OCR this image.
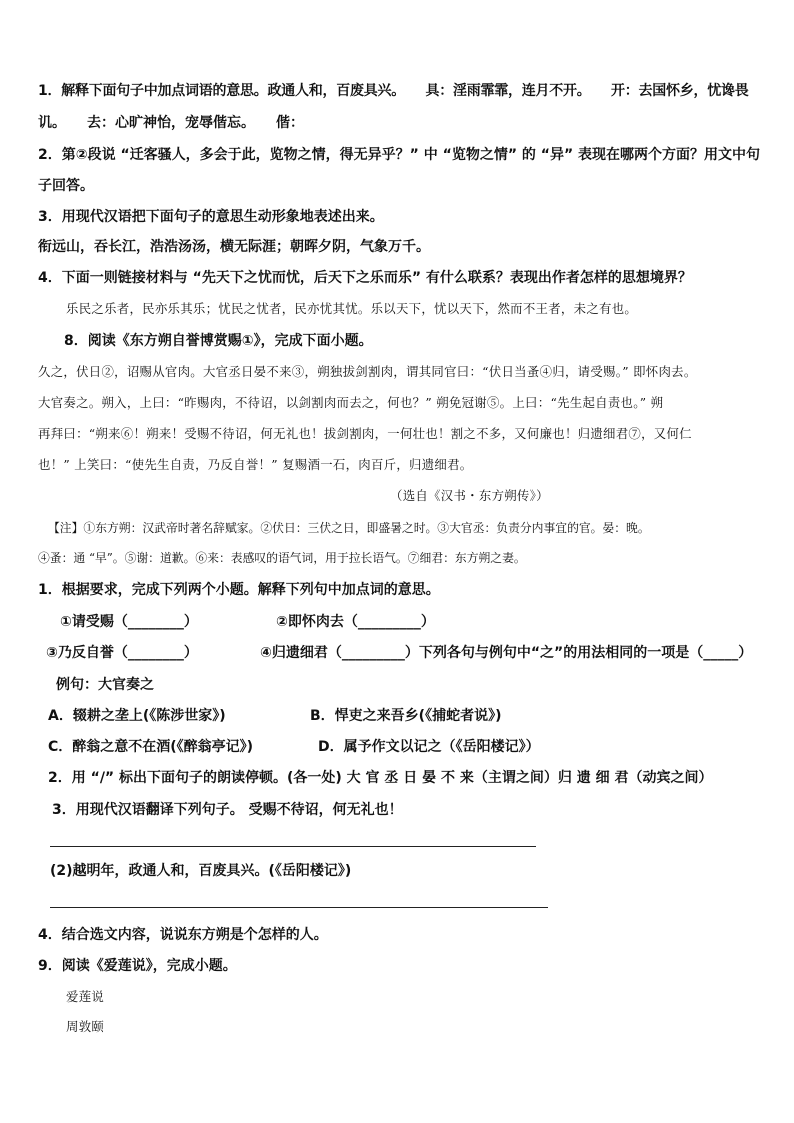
1．解释下面句子中加点词语的意思。政通人和，百废具兴。　　具：淫雨霏霏，连月不开。　　开：去国怀乡，忧谗畏
讥。　　去：心旷神怡，宠辱偕忘。　　偕：
2．第②段说 “迁客骚人，多会于此，览物之情，得无异乎？” 中 “览物之情” 的 “异” 表现在哪两个方面？用文中句
子回答。
3．用现代汉语把下面句子的意思生动形象地表述出来。
衔远山，吞长江，浩浩汤汤，横无际涯；朝晖夕阴，气象万千。
4．下面一则链接材料与 “先天下之忧而忧，后天下之乐而乐” 有什么联系？表现出作者怎样的思想境界？
乐民之乐者，民亦乐其乐；忧民之忧者，民亦忧其忧。乐以天下，忧以天下，然而不王者，未之有也。
8．阅读《东方朔自誉博赏赐①》，完成下面小题。
久之，伏日②，诏赐从官肉。大官丞日晏不来③，朔独拔剑割肉，谓其同官曰：“伏日当蚤④归，请受赐。” 即怀肉去。
大官奏之。朔入，上曰：“昨赐肉，不待诏，以剑割肉而去之，何也？” 朔免冠谢⑤。上曰：“先生起自责也。” 朔
再拜曰：“朔来⑥！朔来！受赐不待诏，何无礼也！拔剑割肉，一何壮也！割之不多，又何廉也！归遗细君⑦，又何仁
也！” 上笑曰：“使先生自责，乃反自誉！” 复赐酒一石，肉百斤，归遗细君。
（选自《汉书・东方朔传》）
【注】①东方朔：汉武帝时著名辞赋家。②伏日：三伏之日，即盛暑之时。③大官丞：负责分内事宜的官。晏：晚。
④蚤：通 “早”。⑤谢：道歉。⑥来：表感叹的语气词，用于拉长语气。⑦细君：东方朔之妻。
1．根据要求，完成下列两个小题。解释下列句中加点词的意思。
①请受赐（________）	②即怀肉去（_________）
③乃反自誉（________）	④归遗细君（_________）下列各句与例句中“之”的用法相同的一项是（_____）
例句：大官奏之
A．辍耕之垄上(《陈涉世家》)	B．悍吏之来吾乡(《捕蛇者说》)
C．醉翁之意不在酒(《醉翁亭记》)	D．属予作文以记之（《岳阳楼记》）
2．用 “/” 标出下面句子的朗读停顿。(各一处) 大 官 丞 日 晏 不 来（主谓之间）归 遗 细 君（动宾之间）
3．用现代汉语翻译下列句子。 受赐不待诏，何无礼也！
(2)越明年，政通人和，百废具兴。(《岳阳楼记》)
4．结合选文内容，说说东方朔是个怎样的人。
9．阅读《爱莲说》，完成小题。
爱莲说
周敦颐
